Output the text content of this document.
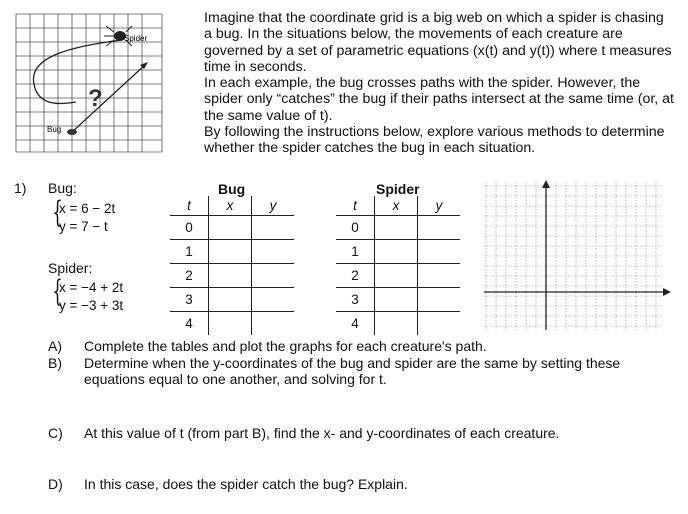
Spider
?
Bug

Imagine that the coordinate grid is a big web on which a spider is chasing a bug. In the situations below, the movements of each creature are governed by a set of parametric equations (x(t) and y(t)) where t measures time in seconds.

In each example, the bug crosses paths with the spider. However, the spider only “catches” the bug if their paths intersect at the same time (or, at the same value of t).

By following the instructions below, explore various methods to determine whether the spider catches the bug in each situation.

1) Bug:
{
x = 6 − 2t
y = 7 − t
Spider:
{
x = −4 + 2t
y = −3 + 3t
Bug
t	x	y
0		
1		
2		
3		
4		
Spider
t	x	y
0		
1		
2		
3		
4		
A) Complete the tables and plot the graphs for each creature's path.
B) Determine when the y-coordinates of the bug and spider are the same by setting these equations equal to one another, and solving for t.
C) At this value of t (from part B), find the x- and y-coordinates of each creature.
D) In this case, does the spider catch the bug? Explain.
